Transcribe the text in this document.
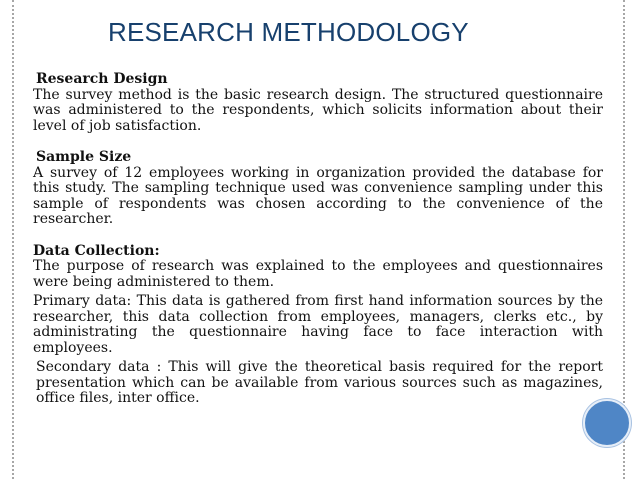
RESEARCH METHODOLOGY

Research Design

The survey method is the basic research design. The structured questionnaire was administered to the respondents, which solicits information about their level of job satisfaction.

Sample Size

A survey of 12 employees working in organization provided the database for this study. The sampling technique used was convenience sampling under this sample of respondents was chosen according to the convenience of the researcher.

Data Collection:

The purpose of research was explained to the employees and questionnaires were being administered to them.

Primary data: This data is gathered from first hand information sources by the researcher, this data collection from employees, managers, clerks etc., by administrating the questionnaire having face to face interaction with employees.

Secondary data : This will give the theoretical basis required for the report presentation which can be available from various sources such as magazines, office files, inter office.
